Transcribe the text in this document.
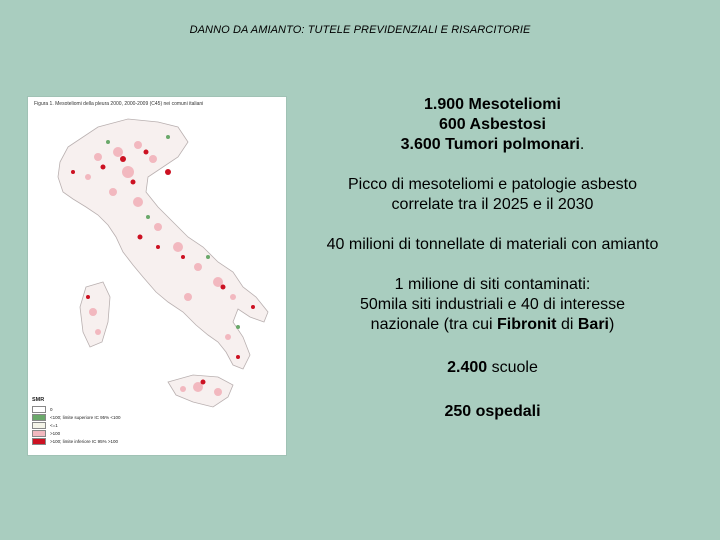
DANNO DA AMIANTO: TUTELE PREVIDENZIALI E RISARCITORIE
Figura 1. Mesoteliomi della pleura 2000, 2000-2009 (C45) nei comuni italiani
SMR
0
<100; limite superiore IC 95% <100
<=1
>100
>100; limite inferiore IC 95% >100

1.900 Mesoteliomi
600 Asbestosi
3.600 Tumori polmonari.

Picco di mesoteliomi e patologie asbesto
correlate tra il 2025 e il 2030

40 milioni di tonnellate di materiali con amianto

1 milione di siti contaminati:
50mila siti industriali e 40 di interesse
nazionale (tra cui Fibronit di Bari)

2.400 scuole

250 ospedali
